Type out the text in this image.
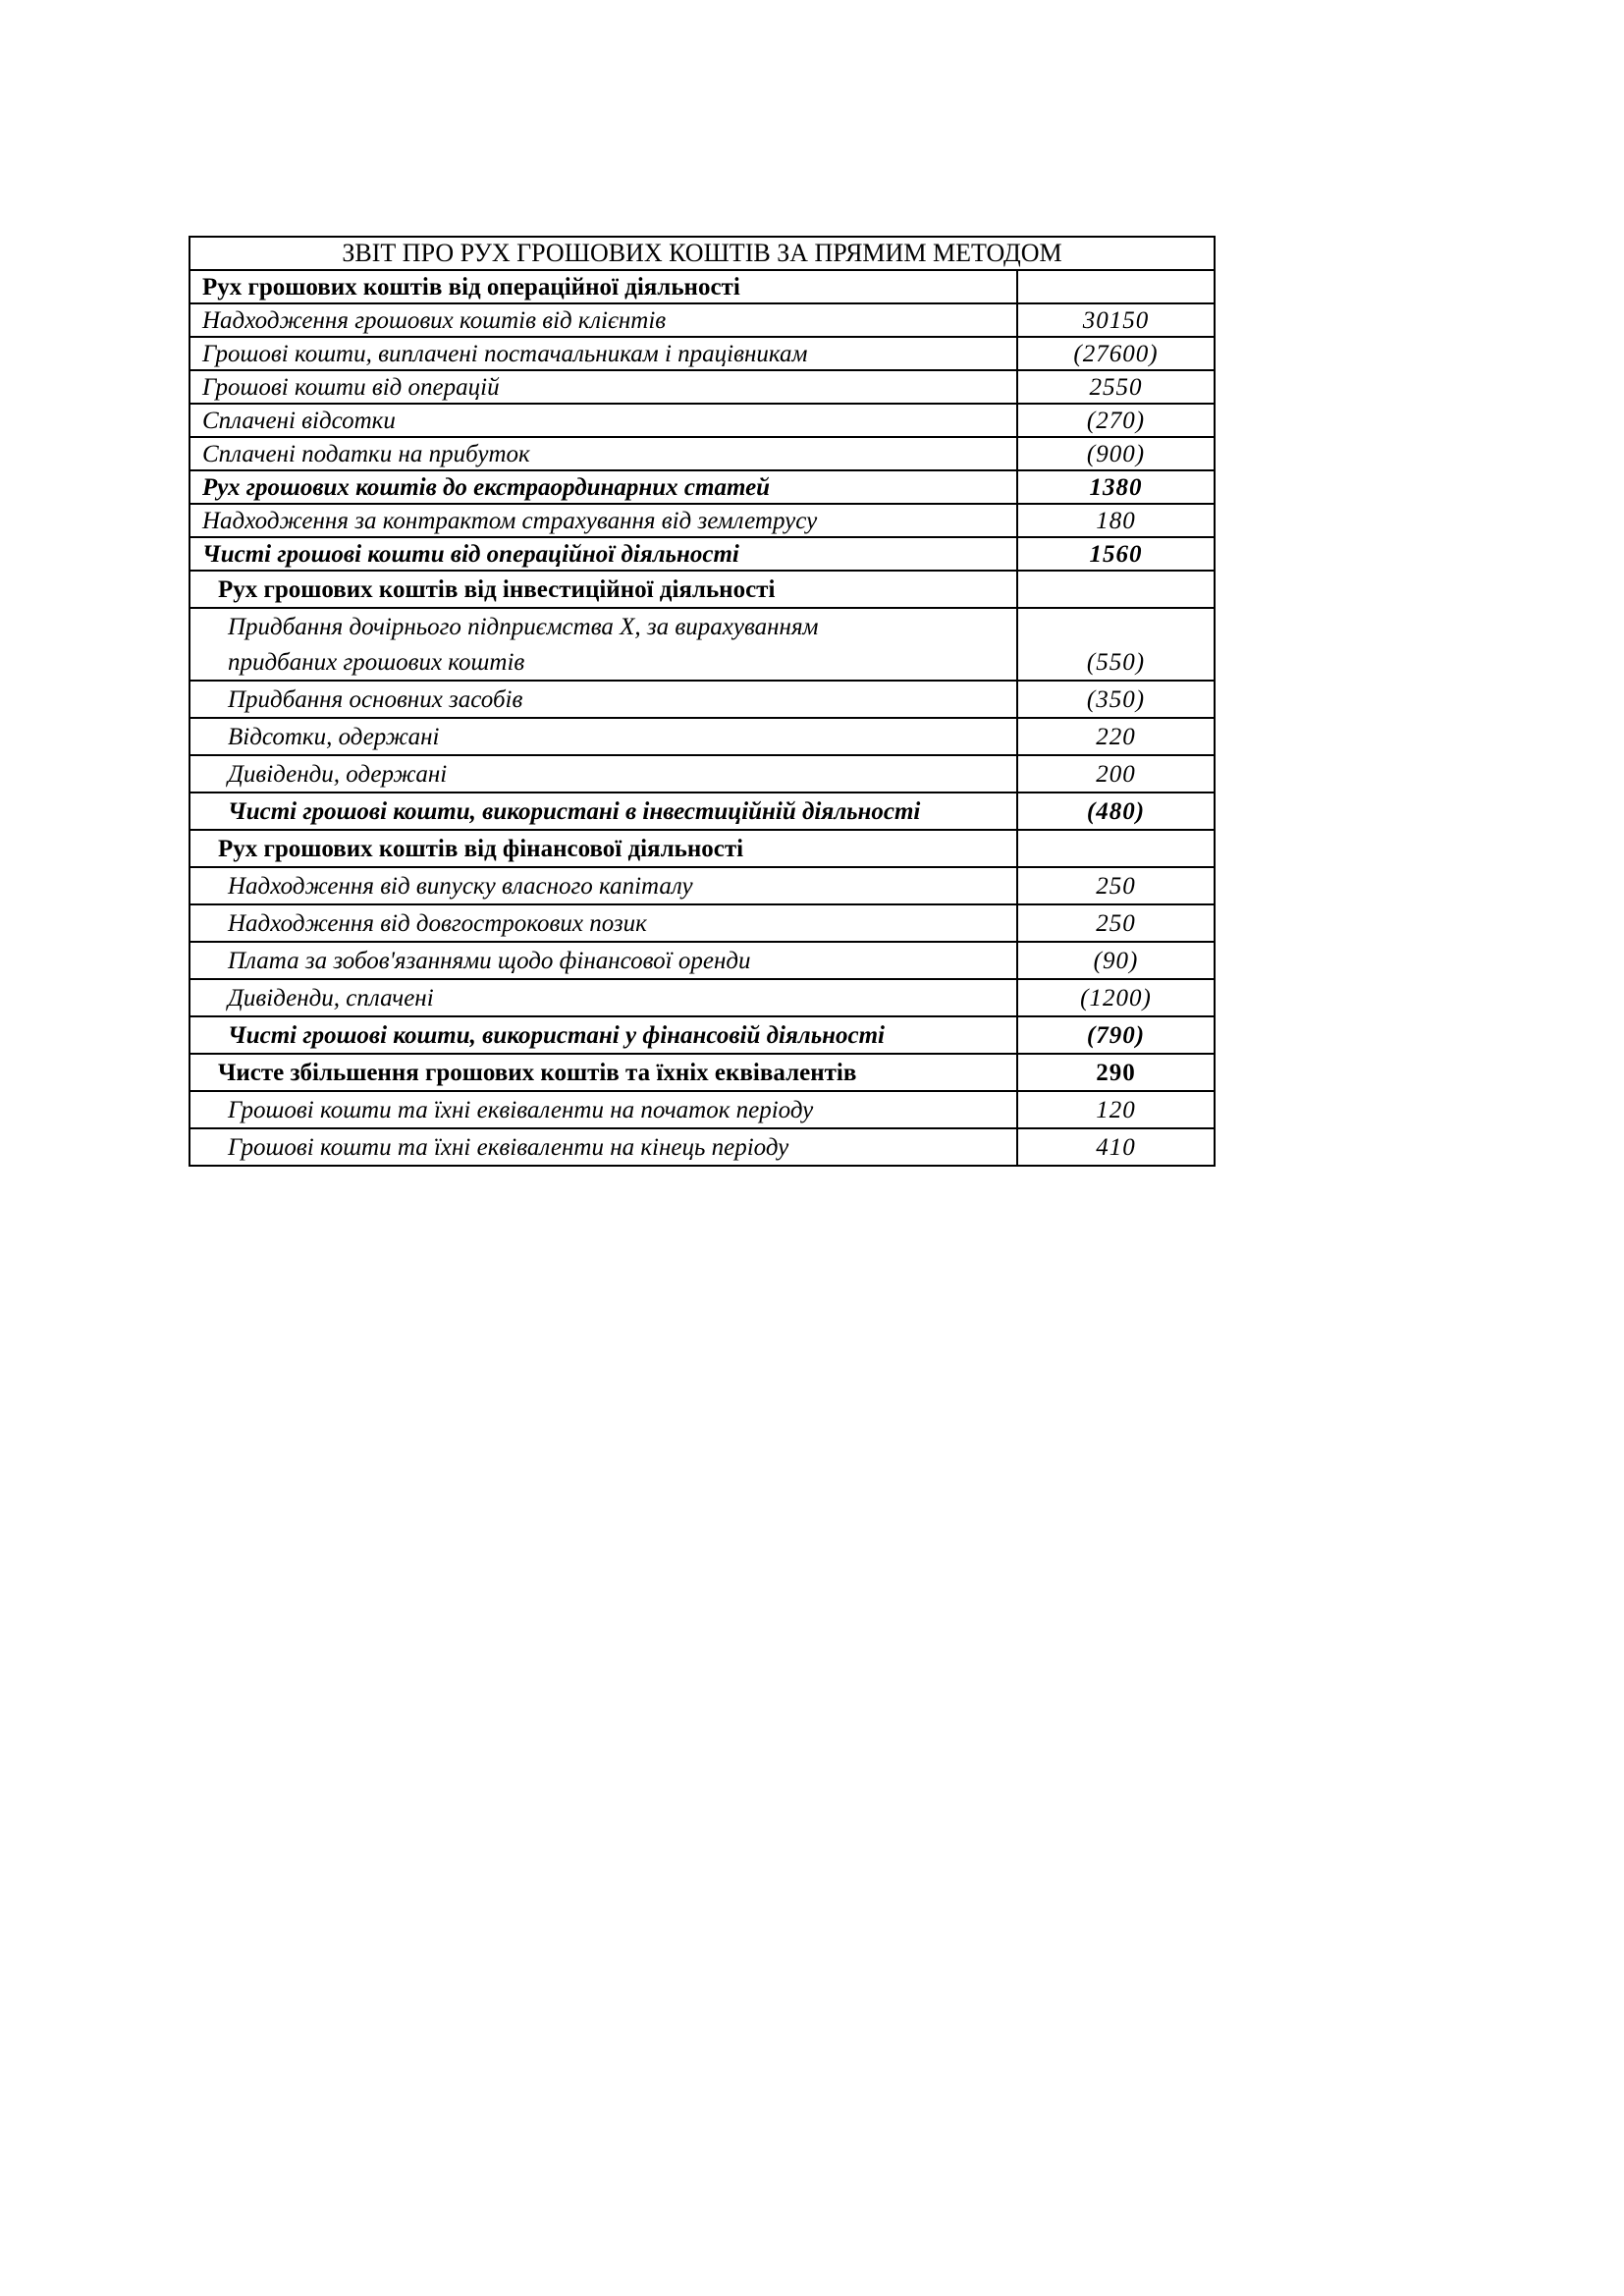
ЗВІТ ПРО РУХ ГРОШОВИХ КОШТІВ ЗА ПРЯМИМ МЕТОДОМ	
Рух грошових коштів від операційної діяльності	
Надходження грошових коштів від клієнтів	30150
Грошові кошти, виплачені постачальникам і працівникам	(27600)
Грошові кошти від операцій	2550
Сплачені відсотки	(270)
Сплачені податки на прибуток	(900)
Рух грошових коштів до екстраординарних статей	1380
Надходження за контрактом страхування від землетрусу	180
Чисті грошові кошти від операційної діяльності	1560
Рух грошових коштів від інвестиційної діяльності	
Придбання дочірнього підприємства X, за вирахуванням	
придбаних грошових коштів	(550)
Придбання основних засобів	(350)
Відсотки, одержані	220
Дивіденди, одержані	200
Чисті грошові кошти, використані в інвестиційній діяльності	(480)
Рух грошових коштів від фінансової діяльності	
Надходження від випуску власного капіталу	250
Надходження від довгострокових позик	250
Плата за зобов'язаннями щодо фінансової оренди	(90)
Дивіденди, сплачені	(1200)
Чисті грошові кошти, використані у фінансовій діяльності	(790)
Чисте збільшення грошових коштів та їхніх еквівалентів	290
Грошові кошти та їхні еквіваленти на початок періоду	120
Грошові кошти та їхні еквіваленти на кінець періоду	410
